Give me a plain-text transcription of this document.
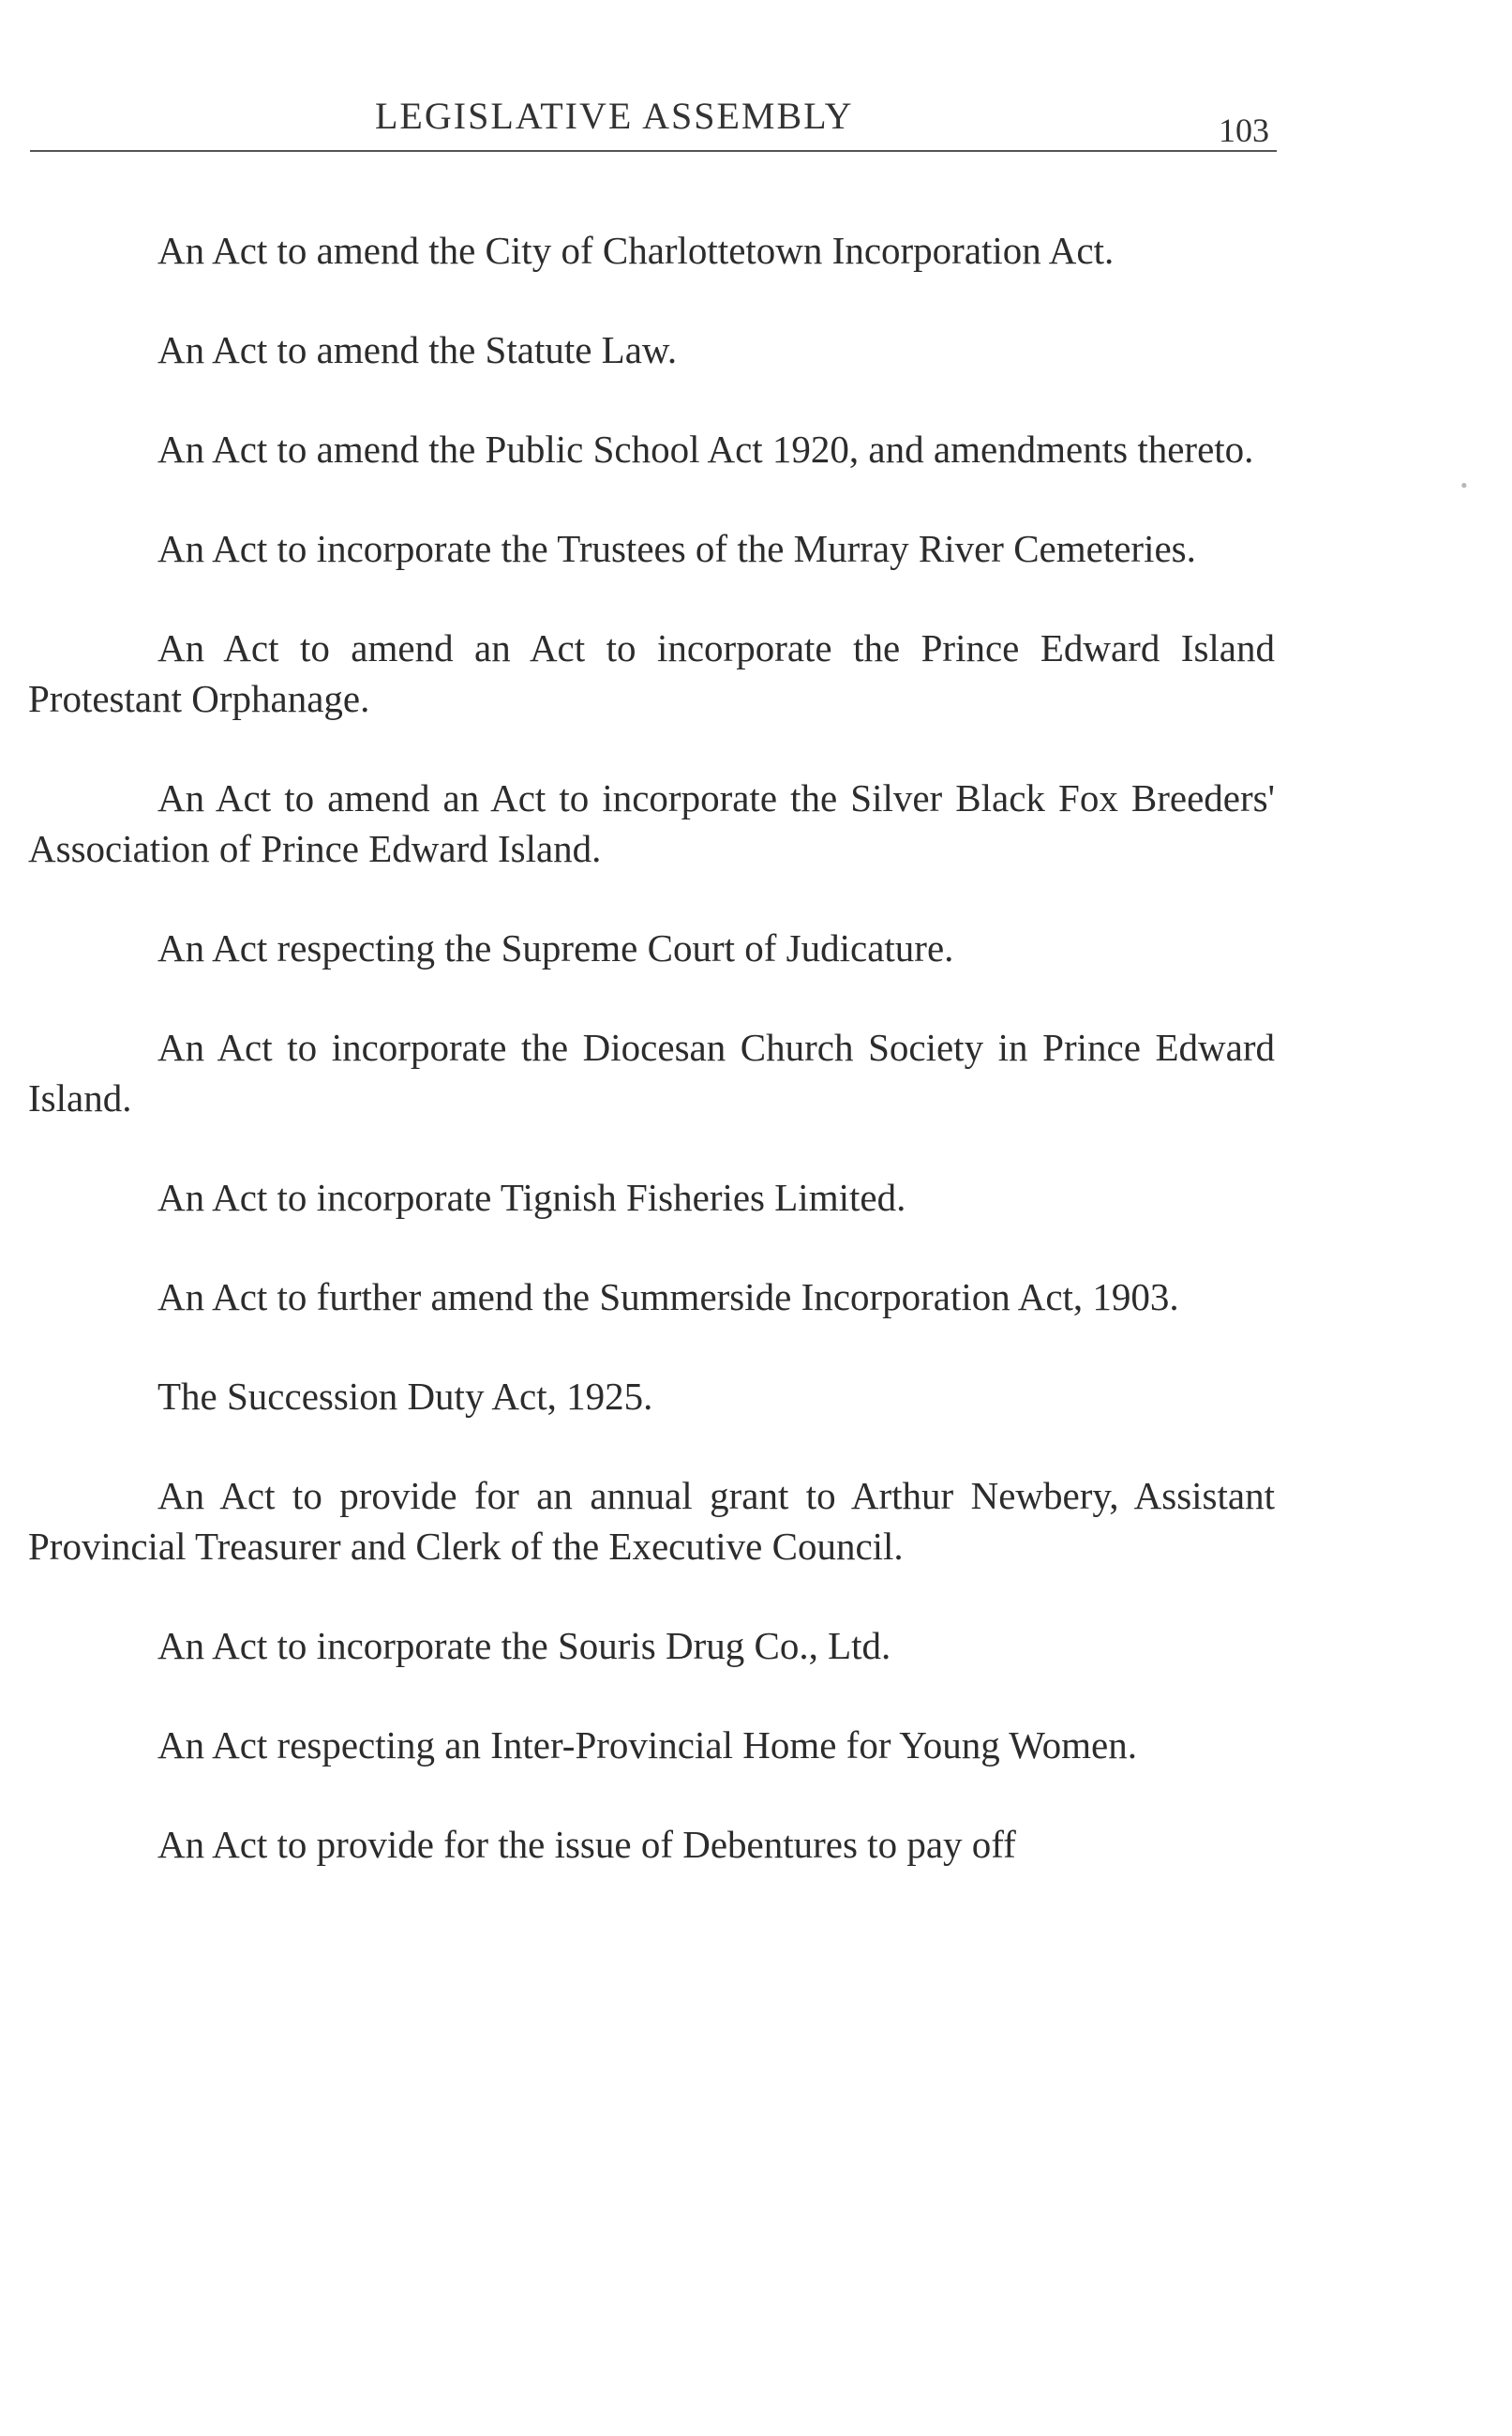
LEGISLATIVE ASSEMBLY	103
•

An Act to amend the City of Charlottetown Incorporation Act.

An Act to amend the Statute Law.

An Act to amend the Public School Act 1920, and amendments thereto.

An Act to incorporate the Trustees of the Murray River Cemeteries.

An Act to amend an Act to incorporate the Prince Edward Island Protestant Orphanage.

An Act to amend an Act to incorporate the Silver Black Fox Breeders' Association of Prince Edward Island.

An Act respecting the Supreme Court of Judicature.

An Act to incorporate the Diocesan Church Society in Prince Edward Island.

An Act to incorporate Tignish Fisheries Limited.

An Act to further amend the Summerside Incorporation Act, 1903.

The Succession Duty Act, 1925.

An Act to provide for an annual grant to Arthur Newbery, Assistant Provincial Treasurer and Clerk of the Executive Council.

An Act to incorporate the Souris Drug Co., Ltd.

An Act respecting an Inter-Provincial Home for Young Women.

An Act to provide for the issue of Debentures to pay off
